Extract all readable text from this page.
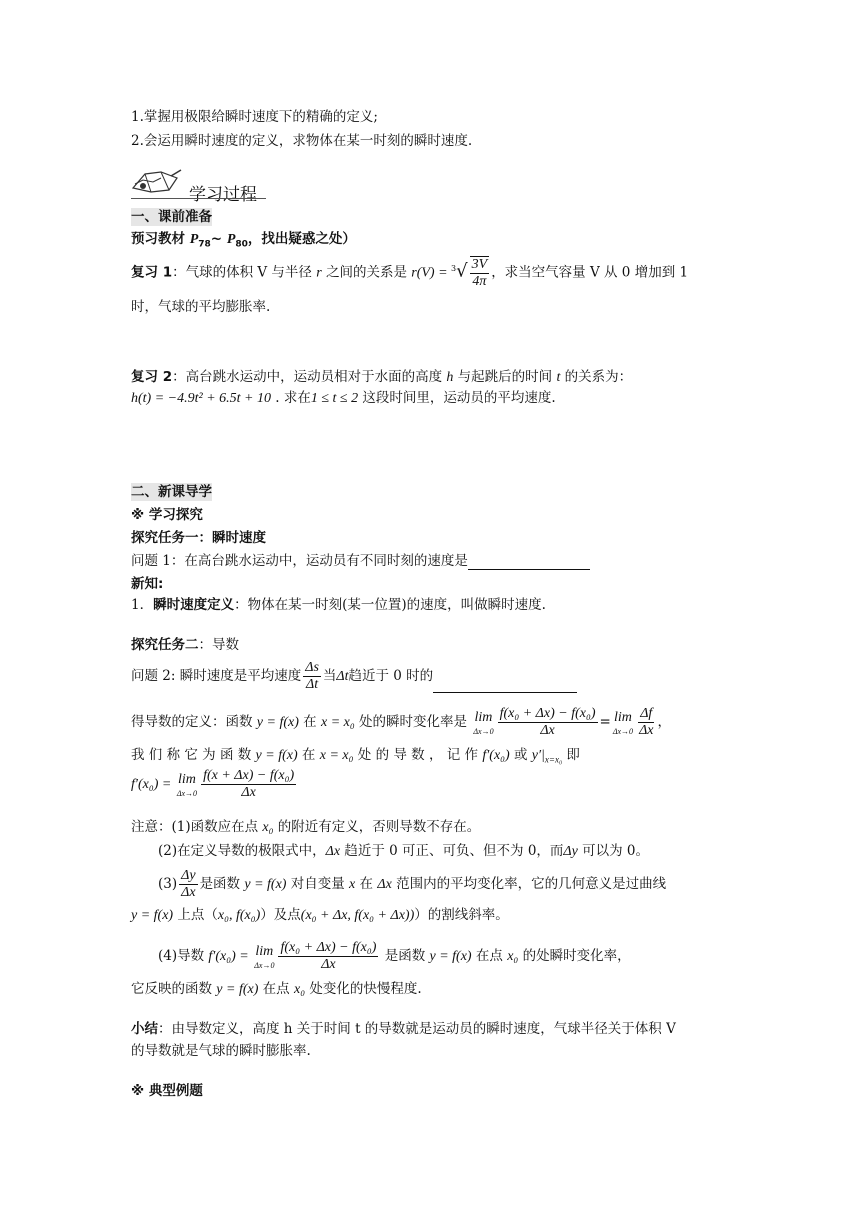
1.掌握用极限给瞬时速度下的精确的定义;
2.会运用瞬时速度的定义，求物体在某一时刻的瞬时速度.
学习过程
一、课前准备
预习教材 $P_{78}\sim$ $P_{80}$，找出疑惑之处）
复习 1：气球的体积 V 与半径 r 之间的关系是 $r(V) = ^3√ \frac{3V}{4\pi}$ ，求当空气容量 V 从 0 增加到 1
时，气球的平均膨胀率.
复习 2：高台跳水运动中，运动员相对于水面的高度 h 与起跳后的时间 t 的关系为：
h(t) = −4.9t² + 6.5t + 10 . 求在1 ≤ t ≤ 2 这段时间里，运动员的平均速度.
二、新课导学
※ 学习探究
探究任务一：瞬时速度
问题 1：在高台跳水运动中，运动员有不同时刻的速度是
新知:
1．瞬时速度定义：物体在某一时刻(某一位置)的速度，叫做瞬时速度.
探究任务二：导数
问题 2: 瞬时速度是平均速度 $\frac{\Delta s}{\Delta t}$ 当Δt趋近于 0 时的
得导数的定义：函数 y = f(x) 在 x = x₀ 处的瞬时变化率是 lim
$\Delta x\to 0 \frac{\text{f(x₀ + Δx) − f(x₀)}}{\Delta x} = \lim$
$\Delta x\to 0 \frac{\Delta f}{\Delta x}$ ，
我 们 称 它 为 函 数 y = f(x) 在 x = x₀ 处 的 导 数 ， 记 作 f′(x₀) 或 $y'|_{x=x_0}$ 即
f′(x₀) = lim
$\Delta x\to 0 \frac{\text{f(x + Δx) − f(x₀)}}{\Delta x}$
注意：(1)函数应在点 x₀ 的附近有定义，否则导数不存在。
(2)在定义导数的极限式中，Δx 趋近于 0 可正、可负、但不为 0，而Δy 可以为 0。
$(3) \frac{\Delta y}{\Delta x}$ 是函数 y = f(x) 对自变量 x 在 Δx 范围内的平均变化率，它的几何意义是过曲线
y = f(x) 上点（x₀, f(x₀)）及点(x₀ + Δx, f(x₀ + Δx))）的割线斜率。
(4)导数 f′(x₀) = lim
$\Delta x\to 0 \frac{\text{f(x₀ + Δx) − f(x₀)}}{\Delta x}$ 是函数 y = f(x) 在点 x₀ 的处瞬时变化率，
它反映的函数 y = f(x) 在点 x₀ 处变化的快慢程度.
小结：由导数定义，高度 h 关于时间 t 的导数就是运动员的瞬时速度，气球半径关于体积 V
的导数就是气球的瞬时膨胀率.
※ 典型例题
